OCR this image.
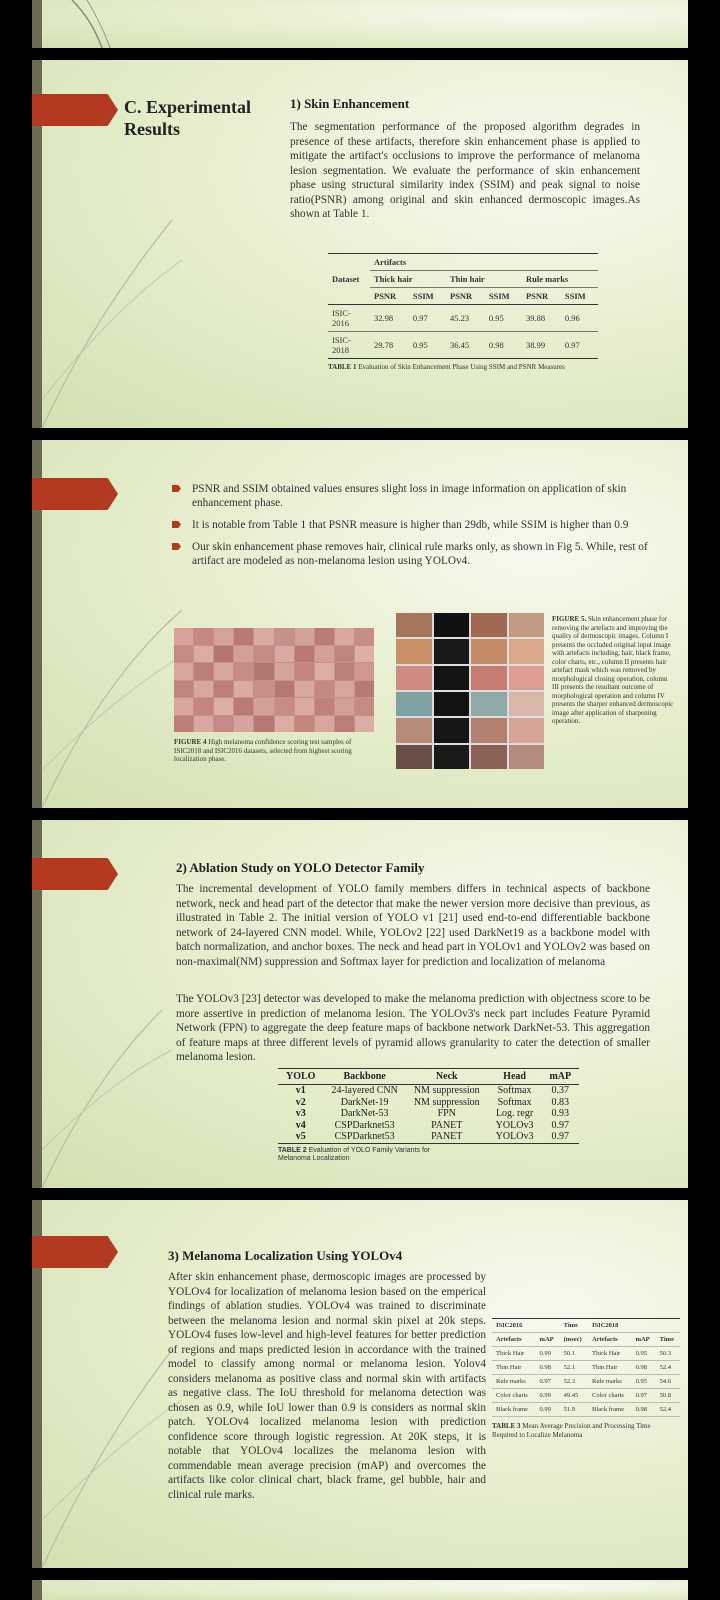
C. Experimental Results
1) Skin Enhancement
The segmentation performance of the proposed algorithm degrades in presence of these artifacts, therefore skin enhancement phase is applied to mitigate the artifact's occlusions to improve the performance of melanoma lesion segmentation. We evaluate the performance of skin enhancement phase using structural similarity index (SSIM) and peak signal to noise ratio(PSNR) among original and skin enhanced dermoscopic images.As shown at Table 1.
Dataset	Artifacts					
	Thick hair		Thin hair		Rule marks	
	PSNR	SSIM	PSNR	SSIM	PSNR	SSIM
ISIC-2016	32.98	0.97	45.23	0.95	39.88	0.96
ISIC-2018	29.78	0.95	36.45	0.98	38.99	0.97
TABLE 1 Evaluation of Skin Enhancement Phase Using SSIM and PSNR Measures
PSNR and SSIM obtained values ensures slight loss in image information on application of skin enhancement phase.
It is notable from Table 1 that PSNR measure is higher than 29db, while SSIM is higher than 0.9
Our skin enhancement phase removes hair, clinical rule marks only, as shown in Fig 5. While, rest of artifact are modeled as non-melanoma lesion using YOLOv4.
FIGURE 4 High melanoma confidence scoring test samples of ISIC2018 and ISIC2016 datasets, selected from highest scoring localization phase.
FIGURE 5. Skin enhancement phase for removing the artefacts and improving the quality of dermoscopic images. Column I presents the occluded original input image with artefacts including, hair, black frame, color charts, etc., column II presents hair artefact mask which was removed by morphological closing operation, column III presents the resultant outcome of morphological operation and column IV presents the sharper enhanced dermoscopic image after application of sharpening operation.
2) Ablation Study on YOLO Detector Family
The incremental development of YOLO family members differs in technical aspects of backbone network, neck and head part of the detector that make the newer version more decisive than previous, as illustrated in Table 2. The initial version of YOLO v1 [21] used end-to-end differentiable backbone network of 24-layered CNN model. While, YOLOv2 [22] used DarkNet19 as a backbone model with batch normalization, and anchor boxes. The neck and head part in YOLOv1 and YOLOv2 was based on non-maximal(NM) suppression and Softmax layer for prediction and localization of melanoma
The YOLOv3 [23] detector was developed to make the melanoma prediction with objectness score to be more assertive in prediction of melanoma lesion. The YOLOv3's neck part includes Feature Pyramid Network (FPN) to aggregate the deep feature maps of backbone network DarkNet-53. This aggregation of feature maps at three different levels of pyramid allows granularity to cater the detection of smaller melanoma lesion.
YOLO	Backbone	Neck	Head	mAP
v1	24-layered CNN	NM suppression	Softmax	0.37
v2	DarkNet-19	NM suppression	Softmax	0.83
v3	DarkNet-53	FPN	Log. regr	0.93
v4	CSPDarknet53	PANET	YOLOv3	0.97
v5	CSPDarknet53	PANET	YOLOv3	0.97
TABLE 2 Evaluation of YOLO Family Variants for Melanoma Localization
3) Melanoma Localization Using YOLOv4
After skin enhancement phase, dermoscopic images are processed by YOLOv4 for localization of melanoma lesion based on the emperical findings of ablation studies. YOLOv4 was trained to discriminate between the melanoma lesion and normal skin pixel at 20k steps. YOLOv4 fuses low-level and high-level features for better prediction of regions and maps predicted lesion in accordance with the trained model to classify among normal or melanoma lesion. Yolov4 considers melanoma as positive class and normal skin with artifacts as negative class. The IoU threshold for melanoma detection was chosen as 0.9, while IoU lower than 0.9 is considers as normal skin patch. YOLOv4 localized melanoma lesion with prediction confidence score through logistic regression. At 20K steps, it is notable that YOLOv4 localizes the melanoma lesion with commendable mean average precision (mAP) and overcomes the artifacts like color clinical chart, black frame, gel bubble, hair and clinical rule marks.
ISIC2016		Time	ISIC2018		
Artefacts	mAP	(msec)	Artefacts	mAP	Time
Thick Hair	0.99	50.1	Thick Hair	0.95	50.3
Thin Hair	0.98	52.1	Thin Hair	0.98	52.4
Rule marks	0.97	52.3	Rule marks	0.95	54.6
Color charts	0.99	49.45	Color charts	0.97	50.8
Black frame	0.99	51.9	Black frame	0.98	52.4
TABLE 3 Mean Average Precision and Processing Time Required to Localize Melanoma
